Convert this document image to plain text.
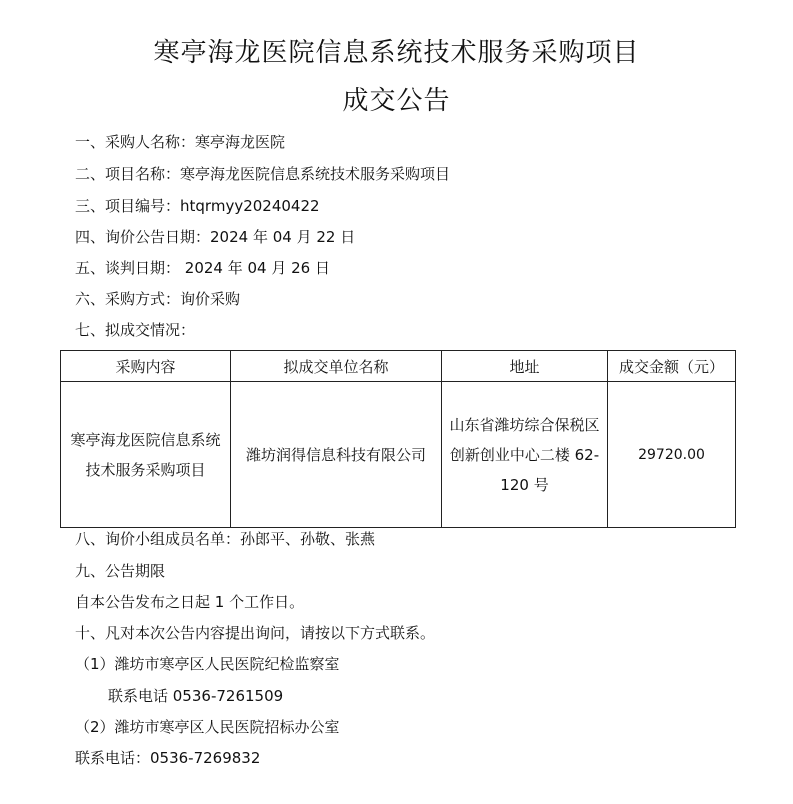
寒亭海龙医院信息系统技术服务采购项目
成交公告
一、采购人名称：寒亭海龙医院
二、项目名称：寒亭海龙医院信息系统技术服务采购项目
三、项目编号：htqrmyy20240422
四、询价公告日期：2024 年 04 月 22 日
五、谈判日期： 2024 年 04 月 26 日
六、采购方式：询价采购
七、拟成交情况：
采购内容	拟成交单位名称	地址	成交金额（元）
寒亭海龙医院信息系统技术服务采购项目	潍坊润得信息科技有限公司	山东省潍坊综合保税区创新创业中心二楼 62-120 号	29720.00
八、询价小组成员名单：孙郎平、孙敬、张燕
九、公告期限
自本公告发布之日起 1 个工作日。
十、凡对本次公告内容提出询问，请按以下方式联系。
（1）潍坊市寒亭区人民医院纪检监察室
联系电话 0536-7261509
（2）潍坊市寒亭区人民医院招标办公室
联系电话：0536-7269832
